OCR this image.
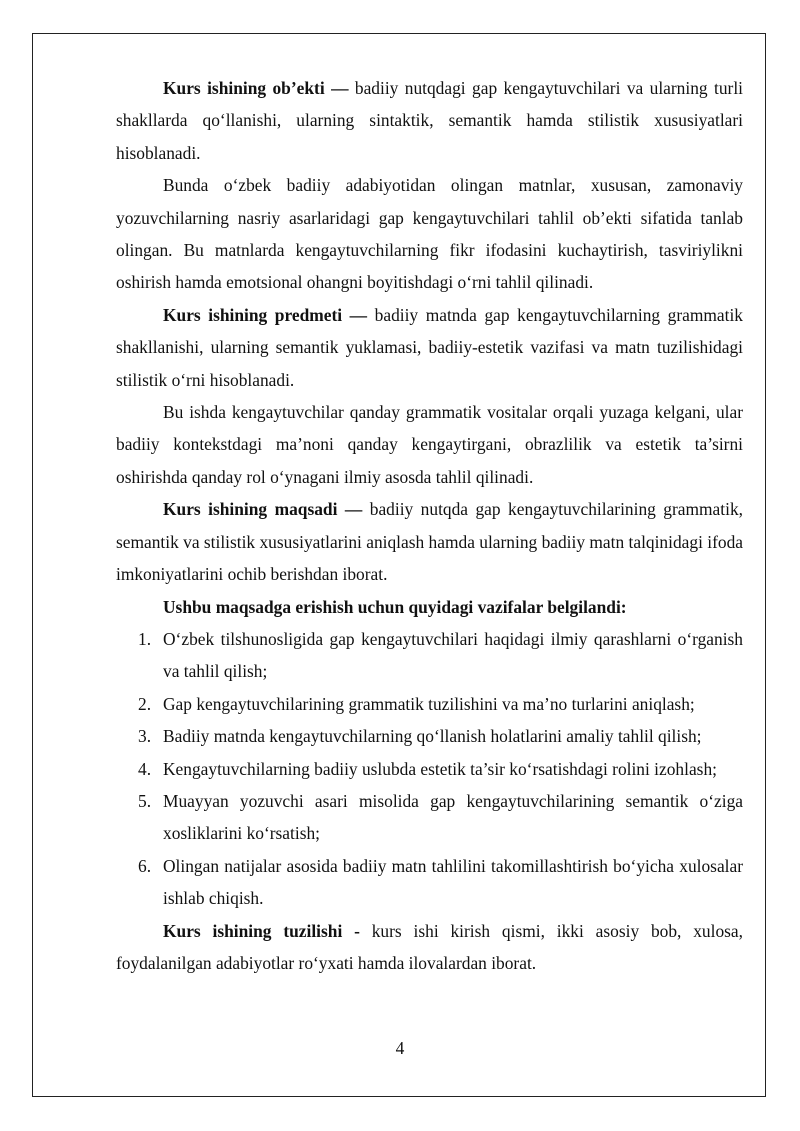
Kurs ishining ob’ekti — badiiy nutqdagi gap kengaytuvchilari va ularning turli shakllarda qo‘llanishi, ularning sintaktik, semantik hamda stilistik xususiyatlari hisoblanadi.

Bunda o‘zbek badiiy adabiyotidan olingan matnlar, xususan, zamonaviy yozuvchilarning nasriy asarlaridagi gap kengaytuvchilari tahlil ob’ekti sifatida tanlab olingan. Bu matnlarda kengaytuvchilarning fikr ifodasini kuchaytirish, tasviriylikni oshirish hamda emotsional ohangni boyitishdagi o‘rni tahlil qilinadi.

Kurs ishining predmeti — badiiy matnda gap kengaytuvchilarning grammatik shakllanishi, ularning semantik yuklamasi, badiiy-estetik vazifasi va matn tuzilishidagi stilistik o‘rni hisoblanadi.

Bu ishda kengaytuvchilar qanday grammatik vositalar orqali yuzaga kelgani, ular badiiy kontekstdagi ma’noni qanday kengaytirgani, obrazlilik va estetik ta’sirni oshirishda qanday rol o‘ynagani ilmiy asosda tahlil qilinadi.

Kurs ishining maqsadi — badiiy nutqda gap kengaytuvchilarining grammatik, semantik va stilistik xususiyatlarini aniqlash hamda ularning badiiy matn talqinidagi ifoda imkoniyatlarini ochib berishdan iborat.

Ushbu maqsadga erishish uchun quyidagi vazifalar belgilandi:

1. O‘zbek tilshunosligida gap kengaytuvchilari haqidagi ilmiy qarashlarni o‘rganish va tahlil qilish;
2. Gap kengaytuvchilarining grammatik tuzilishini va ma’no turlarini aniqlash;
3. Badiiy matnda kengaytuvchilarning qo‘llanish holatlarini amaliy tahlil qilish;
4. Kengaytuvchilarning badiiy uslubda estetik ta’sir ko‘rsatishdagi rolini izohlash;
5. Muayyan yozuvchi asari misolida gap kengaytuvchilarining semantik o‘ziga xosliklarini ko‘rsatish;
6. Olingan natijalar asosida badiiy matn tahlilini takomillashtirish bo‘yicha xulosalar ishlab chiqish.

Kurs ishining tuzilishi - kurs ishi kirish qismi, ikki asosiy bob, xulosa, foydalanilgan adabiyotlar ro‘yxati hamda ilovalardan iborat.

4
